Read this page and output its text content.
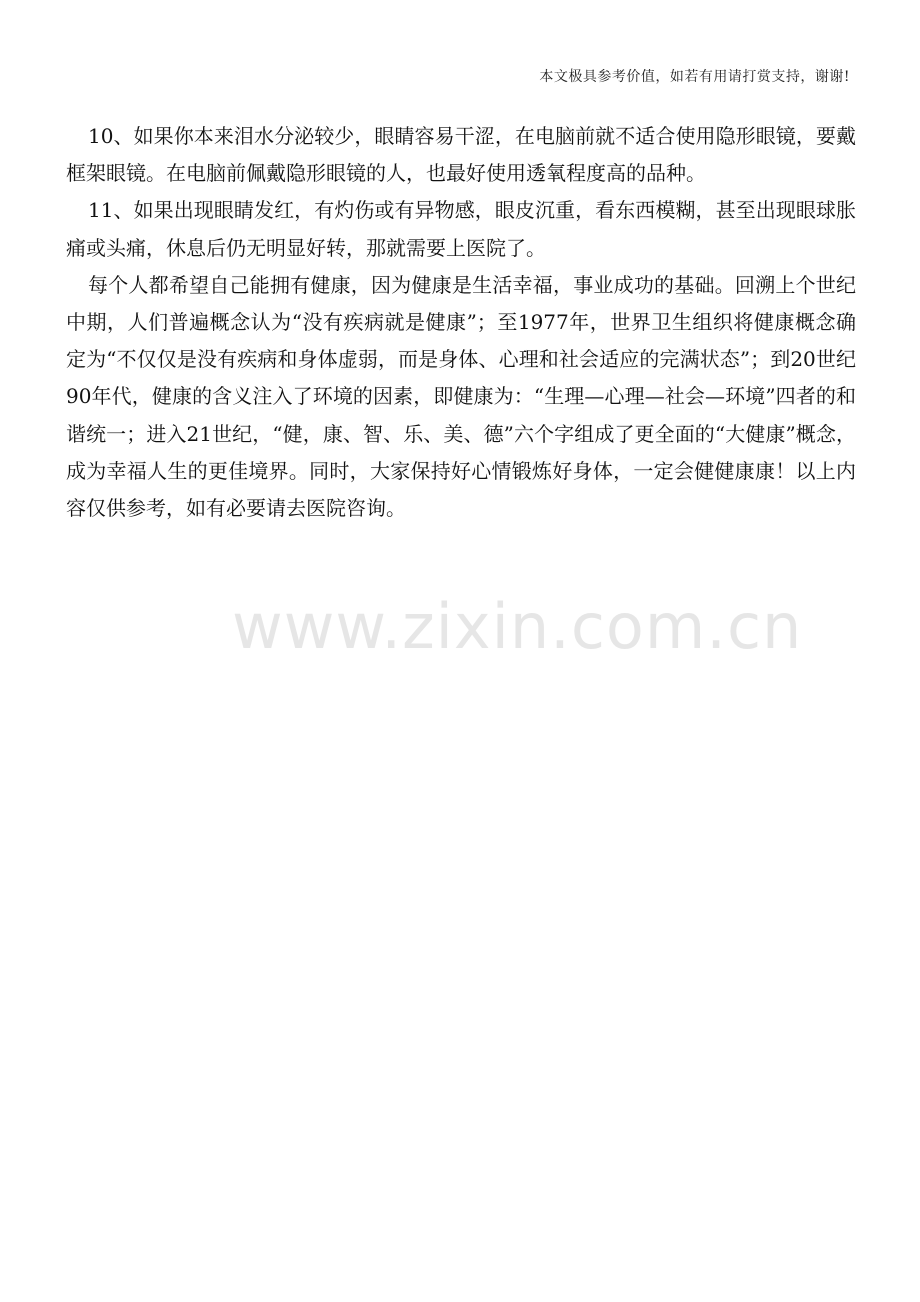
本文极具参考价值，如若有用请打赏支持，谢谢!

10、如果你本来泪水分泌较少，眼睛容易干涩，在电脑前就不适合使用隐形眼镜，要戴框架眼镜。在电脑前佩戴隐形眼镜的人，也最好使用透氧程度高的品种。

11、如果出现眼睛发红，有灼伤或有异物感，眼皮沉重，看东西模糊，甚至出现眼球胀痛或头痛，休息后仍无明显好转，那就需要上医院了。

每个人都希望自己能拥有健康，因为健康是生活幸福，事业成功的基础。回溯上个世纪中期，人们普遍概念认为“没有疾病就是健康”；至1977年，世界卫生组织将健康概念确定为“不仅仅是没有疾病和身体虚弱，而是身体、心理和社会适应的完满状态”；到20世纪90年代，健康的含义注入了环境的因素，即健康为：“生理—心理—社会—环境”四者的和谐统一；进入21世纪，“健，康、智、乐、美、德”六个字组成了更全面的“大健康”概念，成为幸福人生的更佳境界。同时，大家保持好心情锻炼好身体，一定会健健康康！以上内容仅供参考，如有必要请去医院咨询。

www.zixin.com.cn
